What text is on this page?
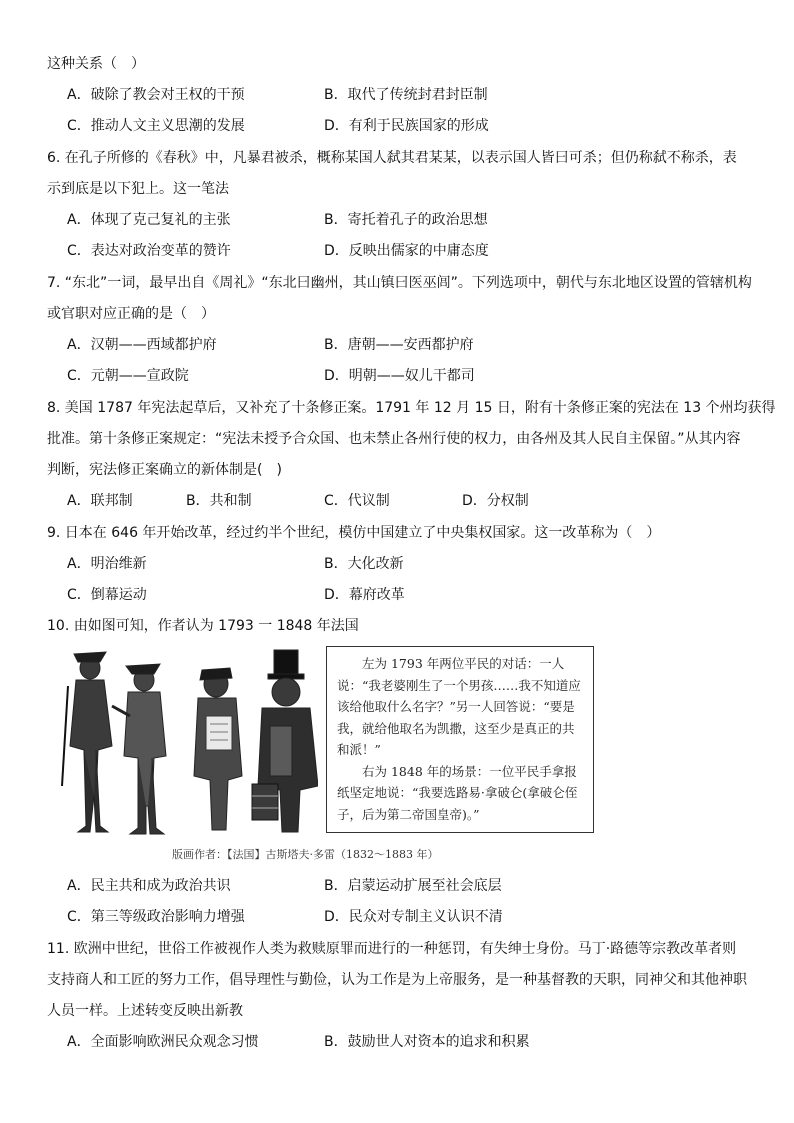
这种关系（　）
A．破除了教会对王权的干预	B．取代了传统封君封臣制
C．推动人文主义思潮的发展	D．有利于民族国家的形成
6. 在孔子所修的《春秋》中，凡暴君被杀，概称某国人弑其君某某，以表示国人皆曰可杀；但仍称弑不称杀，表
示到底是以下犯上。这一笔法
A．体现了克己复礼的主张	B．寄托着孔子的政治思想
C．表达对政治变革的赞许	D．反映出儒家的中庸态度
7. “东北”一词，最早出自《周礼》“东北曰幽州，其山镇曰医巫闾”。下列选项中，朝代与东北地区设置的管辖机构
或官职对应正确的是（　）
A．汉朝——西域都护府	B．唐朝——安西都护府
C．元朝——宣政院	D．明朝——奴儿干都司
8. 美国 1787 年宪法起草后，又补充了十条修正案。1791 年 12 月 15 日，附有十条修正案的宪法在 13 个州均获得
批准。第十条修正案规定：“宪法未授予合众国、也未禁止各州行使的权力，由各州及其人民自主保留。”从其内容
判断，宪法修正案确立的新体制是(　)
A．联邦制	B．共和制	C．代议制	D．分权制
9. 日本在 646 年开始改革，经过约半个世纪，模仿中国建立了中央集权国家。这一改革称为（　）
A．明治维新	B．大化改新
C．倒幕运动	D．幕府改革
10. 由如图可知，作者认为 1793 一 1848 年法国

左为 1793 年两位平民的对话：一人说：“我老婆刚生了一个男孩……我不知道应该给他取什么名字？”另一人回答说：“要是我，就给他取名为凯撒，这至少是真正的共和派！”

右为 1848 年的场景：一位平民手拿报纸坚定地说：“我要选路易·拿破仑(拿破仑侄子，后为第二帝国皇帝)。”

版画作者：【法国】古斯塔夫·多雷（1832～1883 年）
A．民主共和成为政治共识	B．启蒙运动扩展至社会底层
C．第三等级政治影响力增强	D．民众对专制主义认识不清
11. 欧洲中世纪，世俗工作被视作人类为救赎原罪而进行的一种惩罚，有失绅士身份。马丁·路德等宗教改革者则
支持商人和工匠的努力工作，倡导理性与勤俭，认为工作是为上帝服务，是一种基督教的天职，同神父和其他神职
人员一样。上述转变反映出新教
A．全面影响欧洲民众观念习惯	B．鼓励世人对资本的追求和积累
